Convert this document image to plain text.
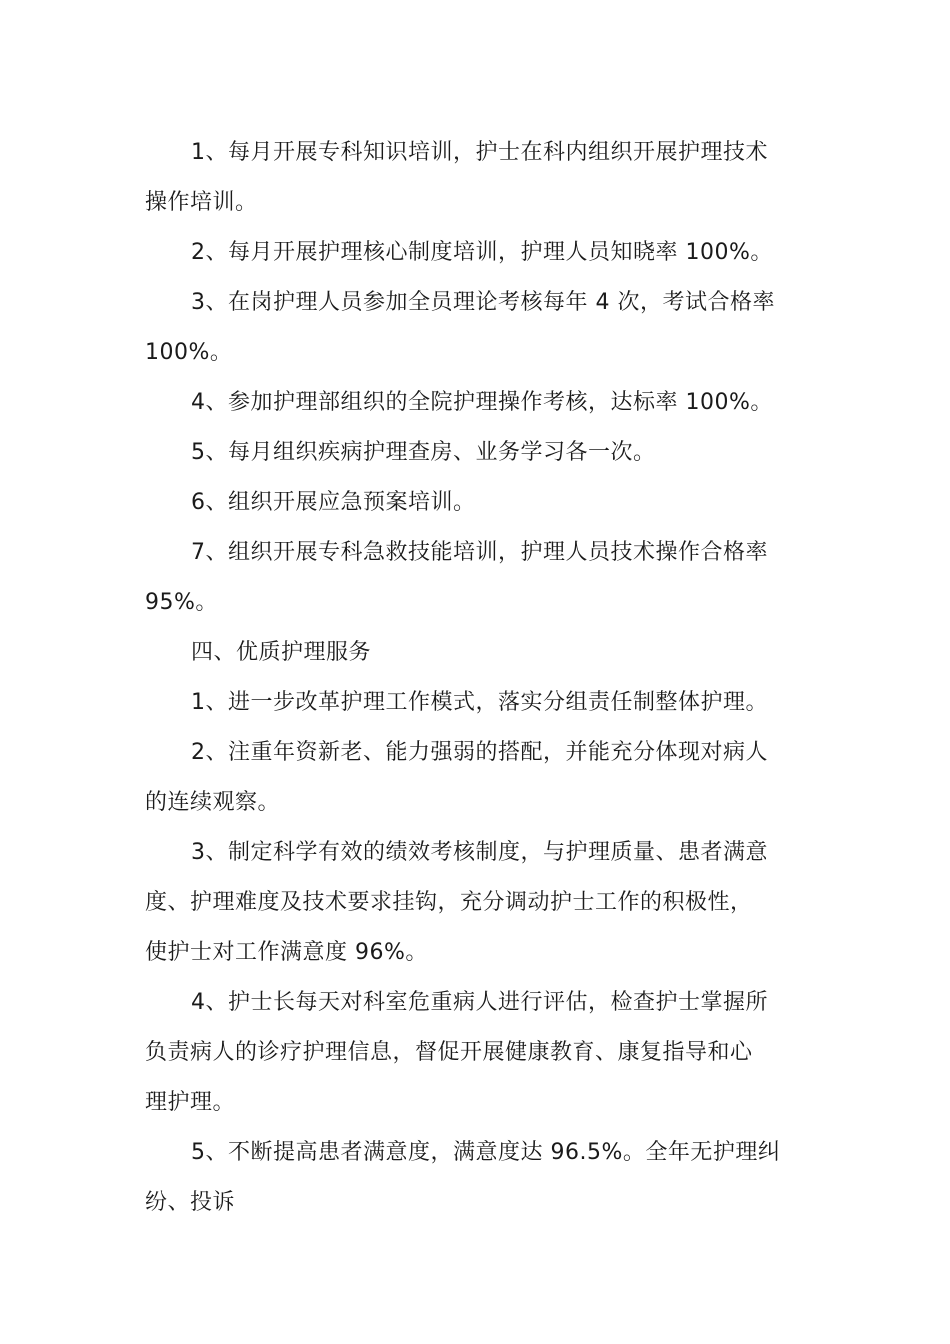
1、每月开展专科知识培训，护士在科内组织开展护理技术
操作培训。
2、每月开展护理核心制度培训，护理人员知晓率 100%。
3、在岗护理人员参加全员理论考核每年 4 次，考试合格率
100%。
4、参加护理部组织的全院护理操作考核，达标率 100%。
5、每月组织疾病护理查房、业务学习各一次。
6、组织开展应急预案培训。
7、组织开展专科急救技能培训，护理人员技术操作合格率
95%。
四、优质护理服务
1、进一步改革护理工作模式，落实分组责任制整体护理。
2、注重年资新老、能力强弱的搭配，并能充分体现对病人
的连续观察。
3、制定科学有效的绩效考核制度，与护理质量、患者满意
度、护理难度及技术要求挂钩，充分调动护士工作的积极性，
使护士对工作满意度 96%。
4、护士长每天对科室危重病人进行评估，检查护士掌握所
负责病人的诊疗护理信息，督促开展健康教育、康复指导和心
理护理。
5、不断提高患者满意度，满意度达 96.5%。全年无护理纠
纷、投诉
